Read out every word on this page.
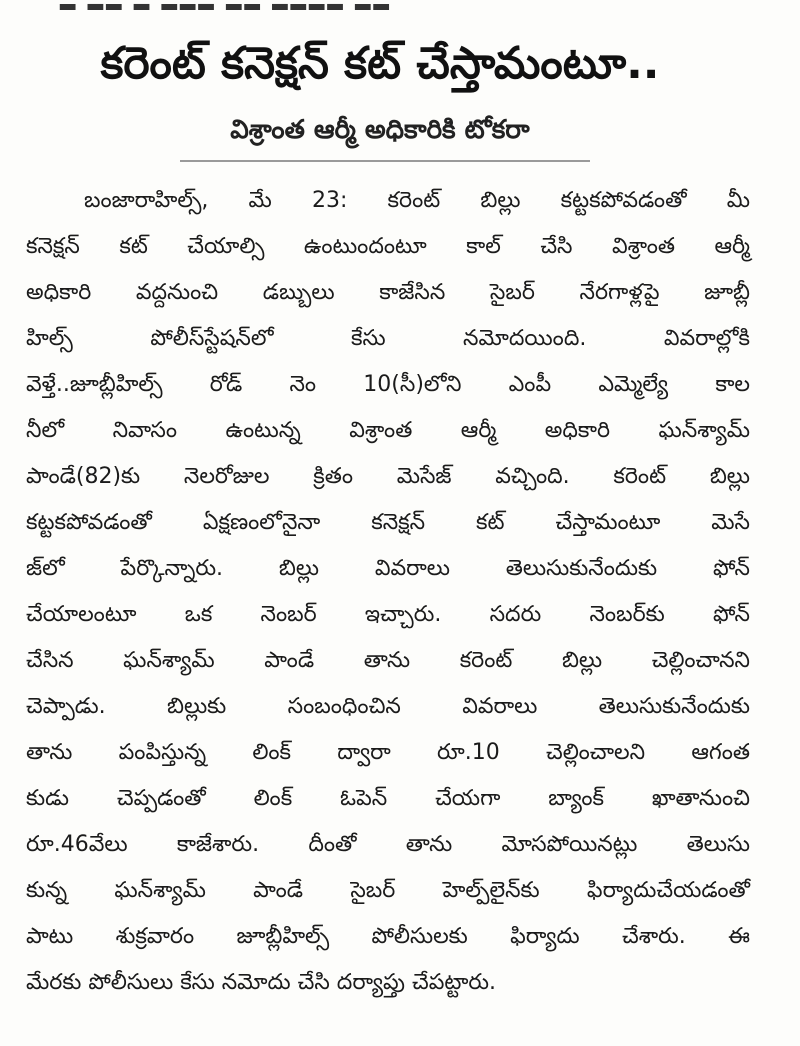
కరెంట్ కనెక్షన్ కట్ చేస్తామంటూ..
విశ్రాంత ఆర్మీ అధికారికి టోకరా
బంజారాహిల్స్, మే 23: కరెంట్ బిల్లు కట్టకపోవడంతో మీ
కనెక్షన్ కట్ చేయాల్సి ఉంటుందంటూ కాల్ చేసి విశ్రాంత ఆర్మీ
అధికారి వద్దనుంచి డబ్బులు కాజేసిన సైబర్ నేరగాళ్లపై జూబ్లీ
హిల్స్ పోలీస్‌స్టేషన్‌లో కేసు నమోదయింది. వివరాల్లోకి
వెళ్తే..జూబ్లీహిల్స్ రోడ్ నెం 10(సీ)లోని ఎంపీ ఎమ్మెల్యే కాల
నీలో నివాసం ఉంటున్న విశ్రాంత ఆర్మీ అధికారి ఘన్‌శ్యామ్
పాండే(82)కు నెలరోజుల క్రితం మెసేజ్ వచ్చింది. కరెంట్ బిల్లు
కట్టకపోవడంతో ఏక్షణంలోనైనా కనెక్షన్ కట్ చేస్తామంటూ మెసే
జ్‌లో పేర్కొన్నారు. బిల్లు వివరాలు తెలుసుకునేందుకు ఫోన్
చేయాలంటూ ఒక నెంబర్ ఇచ్చారు. సదరు నెంబర్‌కు ఫోన్
చేసిన ఘన్‌శ్యామ్ పాండే తాను కరెంట్ బిల్లు చెల్లించానని
చెప్పాడు. బిల్లుకు సంబంధించిన వివరాలు తెలుసుకునేందుకు
తాను పంపిస్తున్న లింక్ ద్వారా రూ.10 చెల్లించాలని ఆగంత
కుడు చెప్పడంతో లింక్ ఓపెన్ చేయగా బ్యాంక్ ఖాతానుంచి
రూ.46వేలు కాజేశారు. దీంతో తాను మోసపోయినట్లు తెలుసు
కున్న ఘన్‌శ్యామ్ పాండే సైబర్ హెల్ప్‌లైన్‌కు ఫిర్యాదుచేయడంతో
పాటు శుక్రవారం జూబ్లీహిల్స్ పోలీసులకు ఫిర్యాదు చేశారు. ఈ
మేరకు పోలీసులు కేసు నమోదు చేసి దర్యాప్తు చేపట్టారు.
